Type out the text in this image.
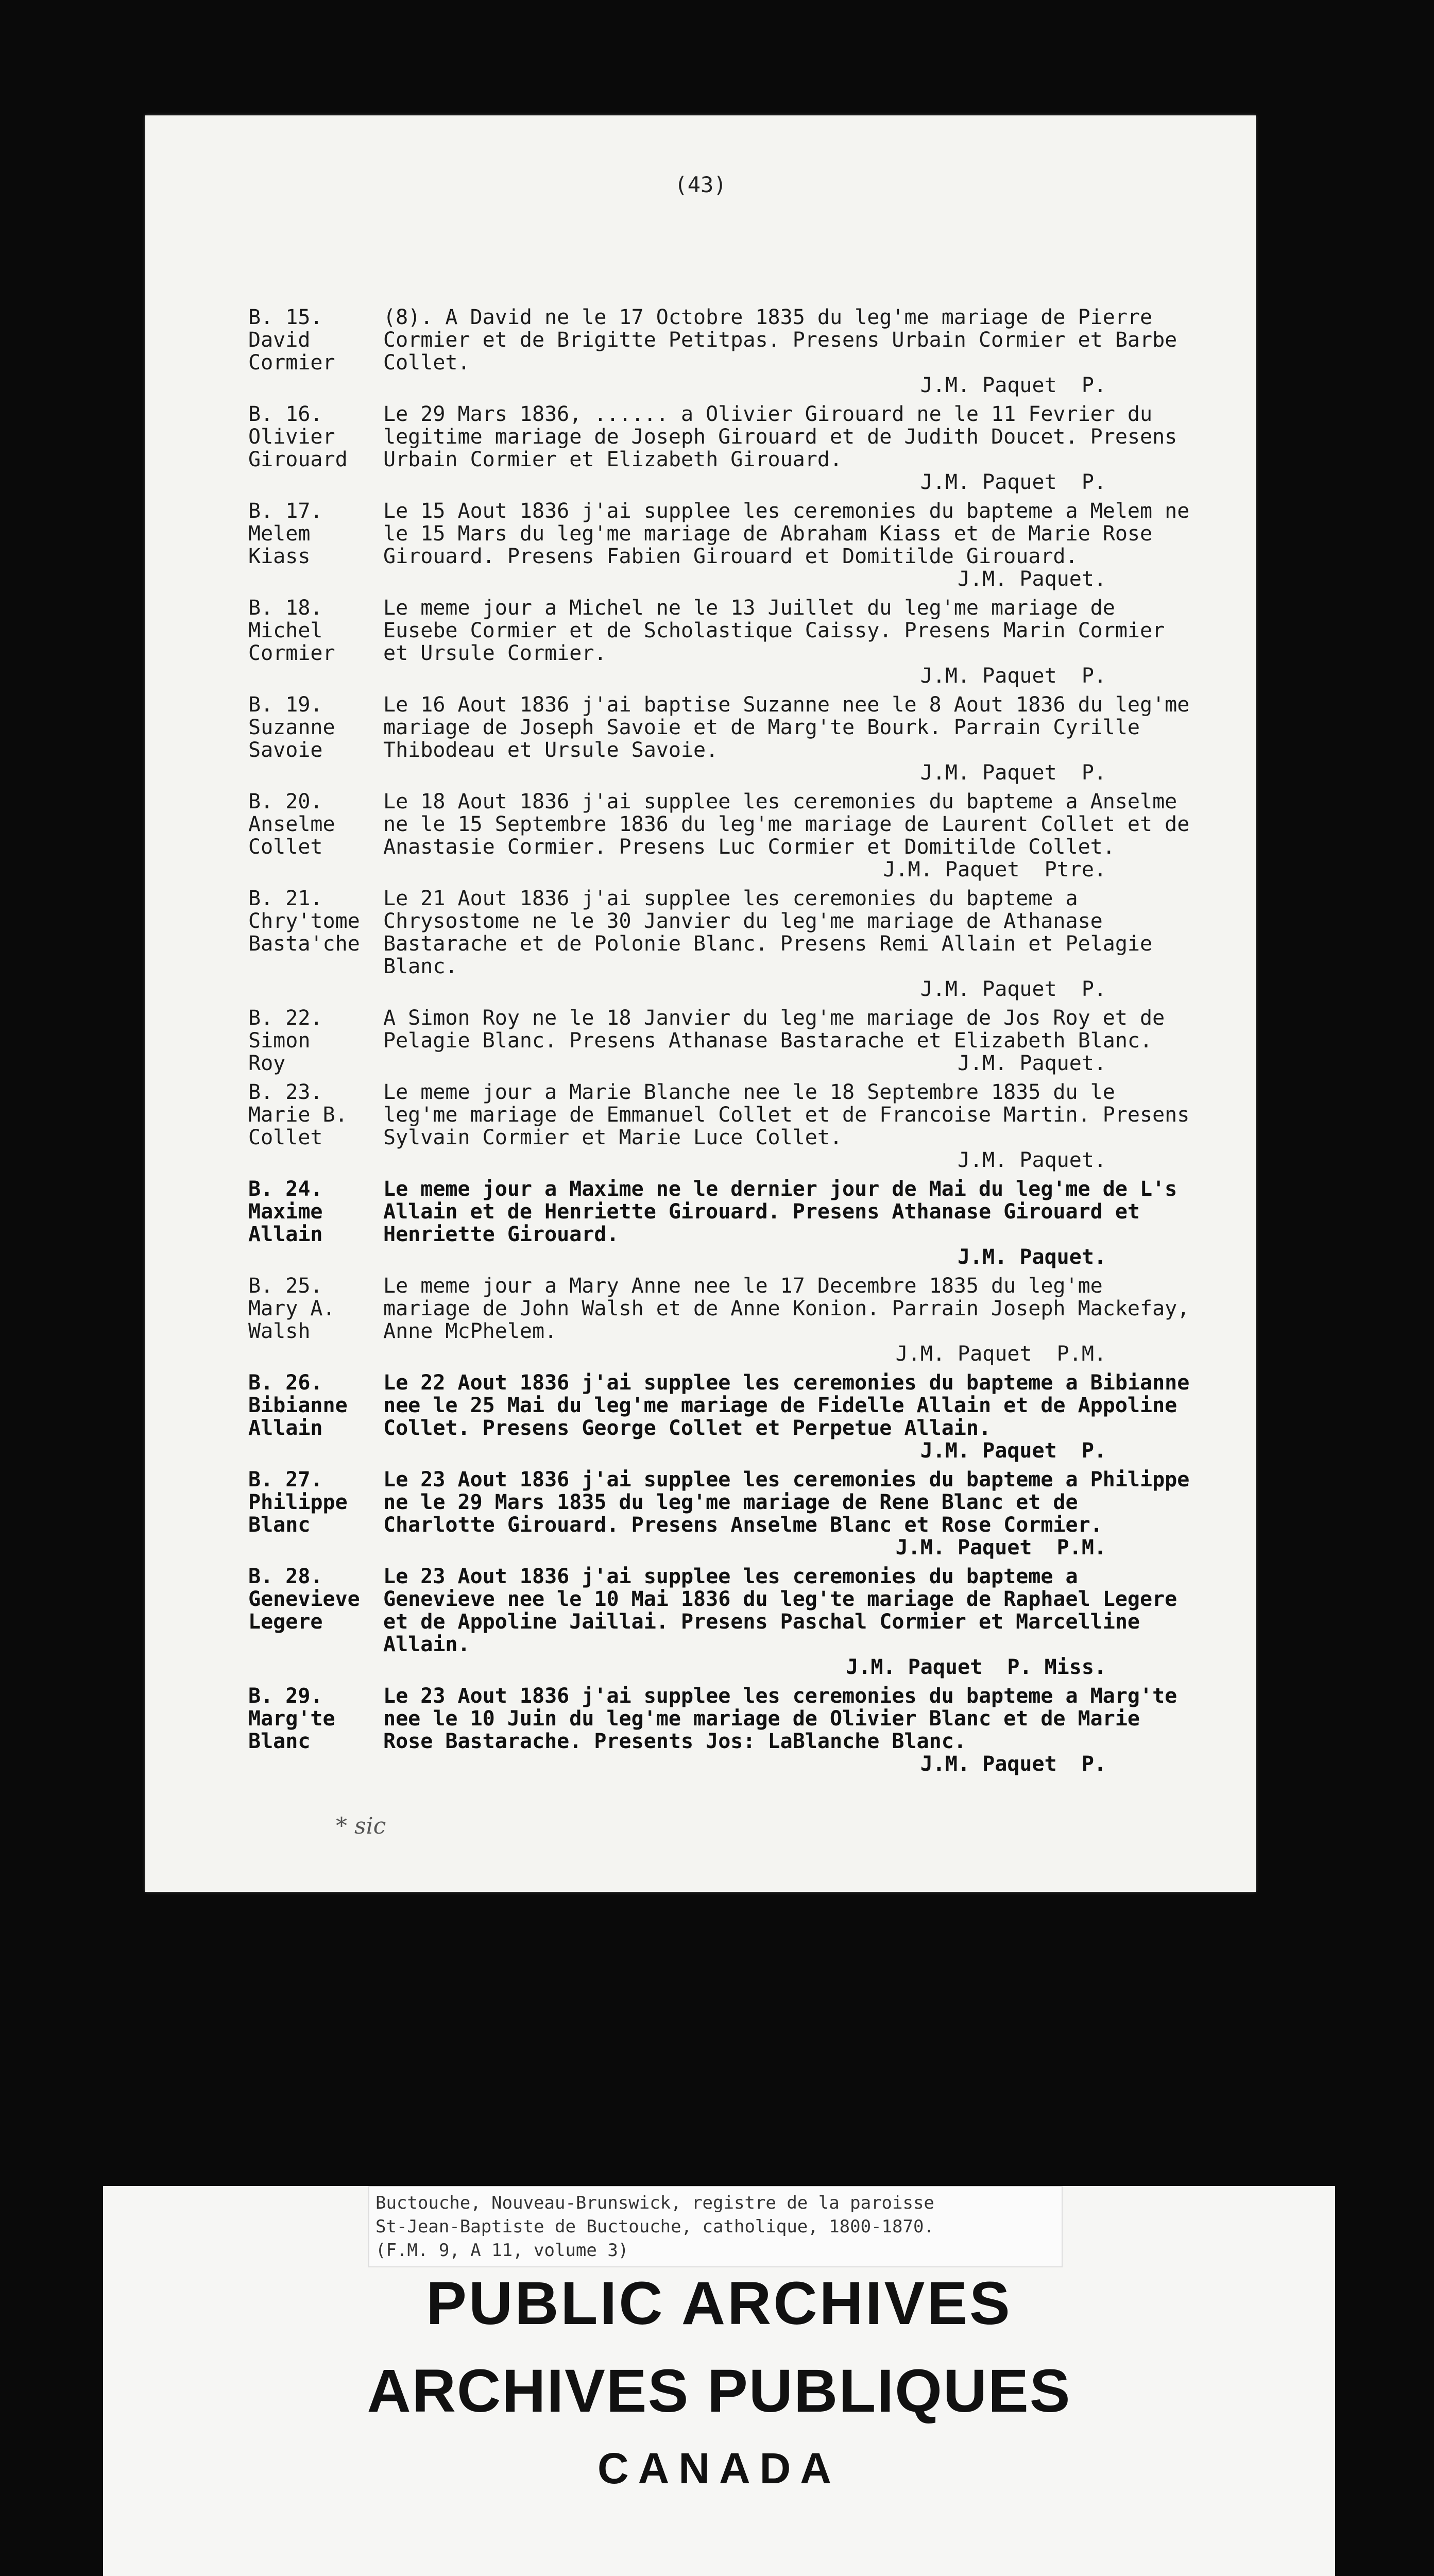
(43)
B. 15.
David
Cormier
(8). A David ne le 17 Octobre 1835 du leg'me mariage de Pierre Cormier et de Brigitte Petitpas. Presens Urbain Cormier et Barbe Collet.
J.M. Paquet  P.
B. 16.
Olivier
Girouard
Le 29 Mars 1836, ...... a Olivier Girouard ne le 11 Fevrier du legitime mariage de Joseph Girouard et de Judith Doucet. Presens Urbain Cormier et Elizabeth Girouard.
J.M. Paquet  P.
B. 17.
Melem
Kiass
Le 15 Aout 1836 j'ai supplee les ceremonies du bapteme a Melem ne le 15 Mars du leg'me mariage de Abraham Kiass et de Marie Rose Girouard. Presens Fabien Girouard et Domitilde Girouard.
J.M. Paquet.
B. 18.
Michel
Cormier
Le meme jour a Michel ne le 13 Juillet du leg'me mariage de Eusebe Cormier et de Scholastique Caissy. Presens Marin Cormier et Ursule Cormier.
J.M. Paquet  P.
B. 19.
Suzanne
Savoie
Le 16 Aout 1836 j'ai baptise Suzanne nee le 8 Aout 1836 du leg'me mariage de Joseph Savoie et de Marg'te Bourk. Parrain Cyrille Thibodeau et Ursule Savoie.
J.M. Paquet  P.
B. 20.
Anselme
Collet
Le 18 Aout 1836 j'ai supplee les ceremonies du bapteme a Anselme ne le 15 Septembre 1836 du leg'me mariage de Laurent Collet et de Anastasie Cormier. Presens Luc Cormier et Domitilde Collet.
J.M. Paquet  Ptre.
B. 21.
Chry'tome
Basta'che
Le 21 Aout 1836 j'ai supplee les ceremonies du bapteme a Chrysostome ne le 30 Janvier du leg'me mariage de Athanase Bastarache et de Polonie Blanc. Presens Remi Allain et Pelagie Blanc.
J.M. Paquet  P.
B. 22.
Simon
Roy
A Simon Roy ne le 18 Janvier du leg'me mariage de Jos Roy et de Pelagie Blanc. Presens Athanase Bastarache et Elizabeth Blanc.
J.M. Paquet.
B. 23.
Marie B.
Collet
Le meme jour a Marie Blanche nee le 18 Septembre 1835 du le leg'me mariage de Emmanuel Collet et de Francoise Martin. Presens Sylvain Cormier et Marie Luce Collet.
J.M. Paquet.
B. 24.
Maxime
Allain
Le meme jour a Maxime ne le dernier jour de Mai du leg'me de L's Allain et de Henriette Girouard. Presens Athanase Girouard et Henriette Girouard.
J.M. Paquet.
B. 25.
Mary A.
Walsh
Le meme jour a Mary Anne nee le 17 Decembre 1835 du leg'me mariage de John Walsh et de Anne Konion. Parrain Joseph Mackefay, Anne McPhelem.
J.M. Paquet  P.M.
B. 26.
Bibianne
Allain
Le 22 Aout 1836 j'ai supplee les ceremonies du bapteme a Bibianne nee le 25 Mai du leg'me mariage de Fidelle Allain et de Appoline Collet. Presens George Collet et Perpetue Allain.
J.M. Paquet  P.
B. 27.
Philippe
Blanc
Le 23 Aout 1836 j'ai supplee les ceremonies du bapteme a Philippe ne le 29 Mars 1835 du leg'me mariage de Rene Blanc et de Charlotte Girouard. Presens Anselme Blanc et Rose Cormier.
J.M. Paquet  P.M.
B. 28.
Genevieve
Legere
Le 23 Aout 1836 j'ai supplee les ceremonies du bapteme a Genevieve nee le 10 Mai 1836 du leg'te mariage de Raphael Legere et de Appoline Jaillai. Presens Paschal Cormier et Marcelline Allain.
J.M. Paquet  P. Miss.
B. 29.
Marg'te
Blanc
Le 23 Aout 1836 j'ai supplee les ceremonies du bapteme a Marg'te nee le 10 Juin du leg'me mariage de Olivier Blanc et de Marie Rose Bastarache. Presents Jos: LaBlanche Blanc.
J.M. Paquet  P.
* sic
Buctouche, Nouveau-Brunswick, registre de la paroisse
St-Jean-Baptiste de Buctouche, catholique, 1800-1870.
(F.M. 9, A 11, volume 3)
PUBLIC ARCHIVES
ARCHIVES PUBLIQUES
CANADA
